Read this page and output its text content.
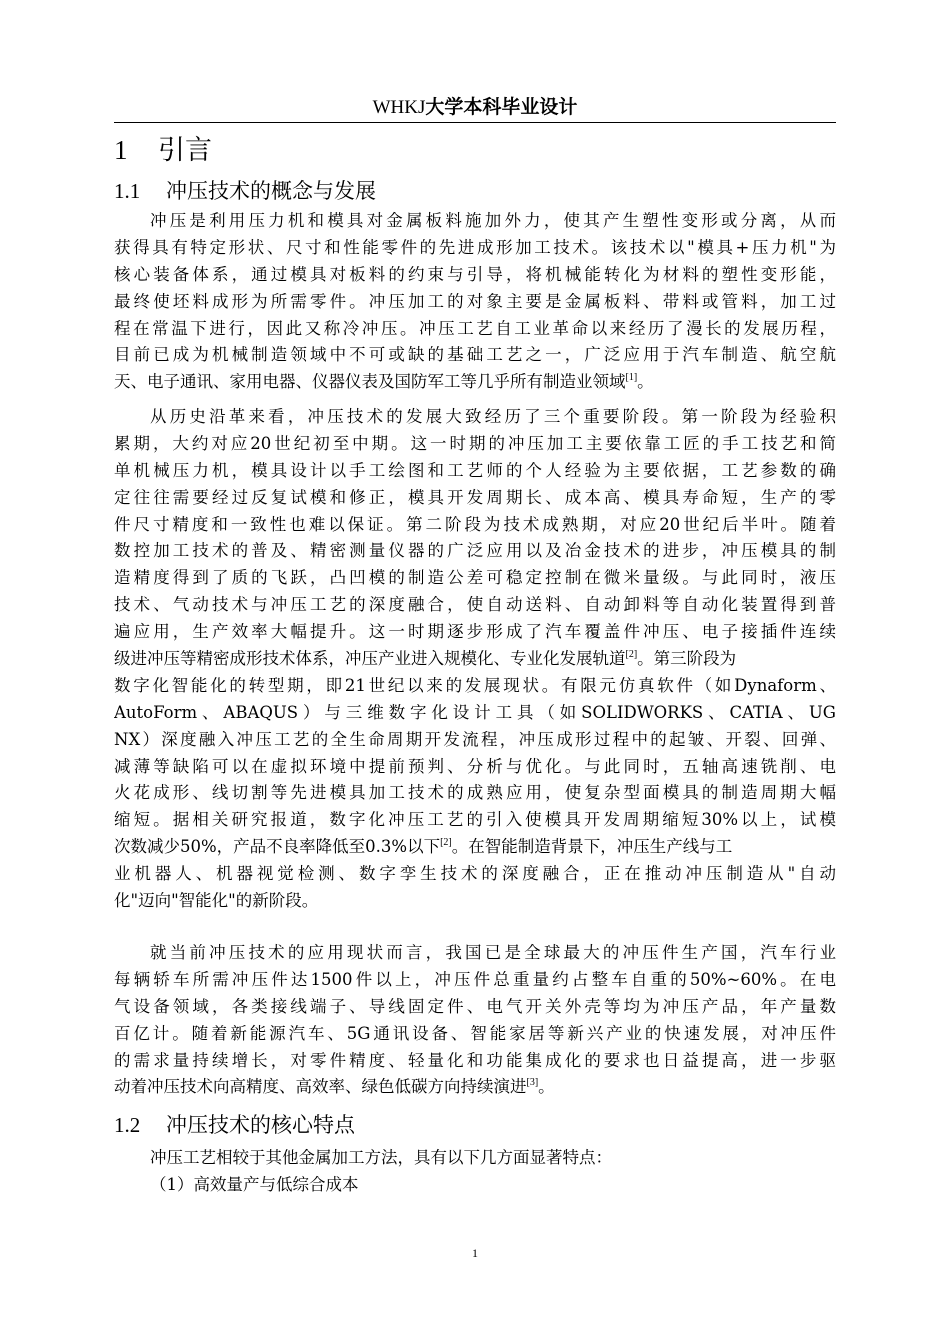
WHKJ大学本科毕业设计
1 引言
1.1 冲压技术的概念与发展
冲压是利用压力机和模具对金属板料施加外力，使其产生塑性变形或分离，从而
获得具有特定形状、尺寸和性能零件的先进成形加工技术。该技术以"模具+压力机"为
核心装备体系，通过模具对板料的约束与引导，将机械能转化为材料的塑性变形能，
最终使坯料成形为所需零件。冲压加工的对象主要是金属板料、带料或管料，加工过
程在常温下进行，因此又称冷冲压。冲压工艺自工业革命以来经历了漫长的发展历程，
目前已成为机械制造领域中不可或缺的基础工艺之一，广泛应用于汽车制造、航空航
天、电子通讯、家用电器、仪器仪表及国防军工等几乎所有制造业领域[1]。
从历史沿革来看，冲压技术的发展大致经历了三个重要阶段。第一阶段为经验积
累期，大约对应20世纪初至中期。这一时期的冲压加工主要依靠工匠的手工技艺和简
单机械压力机，模具设计以手工绘图和工艺师的个人经验为主要依据，工艺参数的确
定往往需要经过反复试模和修正，模具开发周期长、成本高、模具寿命短，生产的零
件尺寸精度和一致性也难以保证。第二阶段为技术成熟期，对应20世纪后半叶。随着
数控加工技术的普及、精密测量仪器的广泛应用以及冶金技术的进步，冲压模具的制
造精度得到了质的飞跃，凸凹模的制造公差可稳定控制在微米量级。与此同时，液压
技术、气动技术与冲压工艺的深度融合，使自动送料、自动卸料等自动化装置得到普
遍应用，生产效率大幅提升。这一时期逐步形成了汽车覆盖件冲压、电子接插件连续
级进冲压等精密成形技术体系，冲压产业进入规模化、专业化发展轨道[2]。第三阶段为
数字化智能化的转型期，即21世纪以来的发展现状。有限元仿真软件（如Dynaform、
AutoForm、ABAQUS）与三维数字化设计工具（如SOLIDWORKS、CATIA、UG
NX）深度融入冲压工艺的全生命周期开发流程，冲压成形过程中的起皱、开裂、回弹、
减薄等缺陷可以在虚拟环境中提前预判、分析与优化。与此同时，五轴高速铣削、电
火花成形、线切割等先进模具加工技术的成熟应用，使复杂型面模具的制造周期大幅
缩短。据相关研究报道，数字化冲压工艺的引入使模具开发周期缩短30%以上，试模
次数减少50%，产品不良率降低至0.3%以下[2]。在智能制造背景下，冲压生产线与工
业机器人、机器视觉检测、数字孪生技术的深度融合，正在推动冲压制造从"自动
化"迈向"智能化"的新阶段。
就当前冲压技术的应用现状而言，我国已是全球最大的冲压件生产国，汽车行业
每辆轿车所需冲压件达1500件以上，冲压件总重量约占整车自重的50%~60%。在电
气设备领域，各类接线端子、导线固定件、电气开关外壳等均为冲压产品，年产量数
百亿计。随着新能源汽车、5G通讯设备、智能家居等新兴产业的快速发展，对冲压件
的需求量持续增长，对零件精度、轻量化和功能集成化的要求也日益提高，进一步驱
动着冲压技术向高精度、高效率、绿色低碳方向持续演进[3]。
1.2 冲压技术的核心特点
冲压工艺相较于其他金属加工方法，具有以下几方面显著特点：
（1）高效量产与低综合成本
1
